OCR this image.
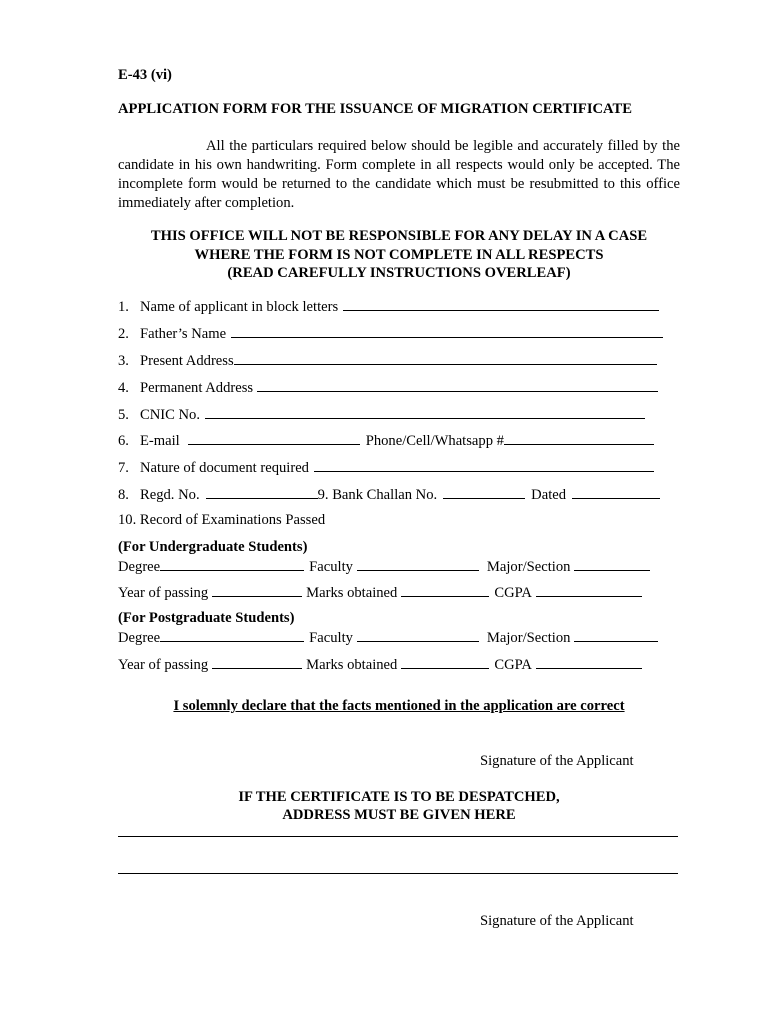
E-43 (vi)
APPLICATION FORM FOR THE ISSUANCE OF MIGRATION CERTIFICATE
All the particulars required below should be legible and accurately filled by the candidate in his own handwriting. Form complete in all respects would only be accepted. The incomplete form would be returned to the candidate which must be resubmitted to this office immediately after completion.
THIS OFFICE WILL NOT BE RESPONSIBLE FOR ANY DELAY IN A CASE
WHERE THE FORM IS NOT COMPLETE IN ALL RESPECTS
(READ CAREFULLY INSTRUCTIONS OVERLEAF)
1. Name of applicant in block letters
2. Father’s Name
3. Present Address
4. Permanent Address
5. CNIC No.
6. E-mail	Phone/Cell/Whatsapp #
7. Nature of document required
8. Regd. No.	9. Bank Challan No.	Dated
10. Record of Examinations Passed
(For Undergraduate Students)
Degree	Faculty	Major/Section
Year of passing	Marks obtained	CGPA
(For Postgraduate Students)
Degree	Faculty	Major/Section
Year of passing	Marks obtained	CGPA
I solemnly declare that the facts mentioned in the application are correct
Signature of the Applicant
IF THE CERTIFICATE IS TO BE DESPATCHED,
ADDRESS MUST BE GIVEN HERE
Signature of the Applicant
